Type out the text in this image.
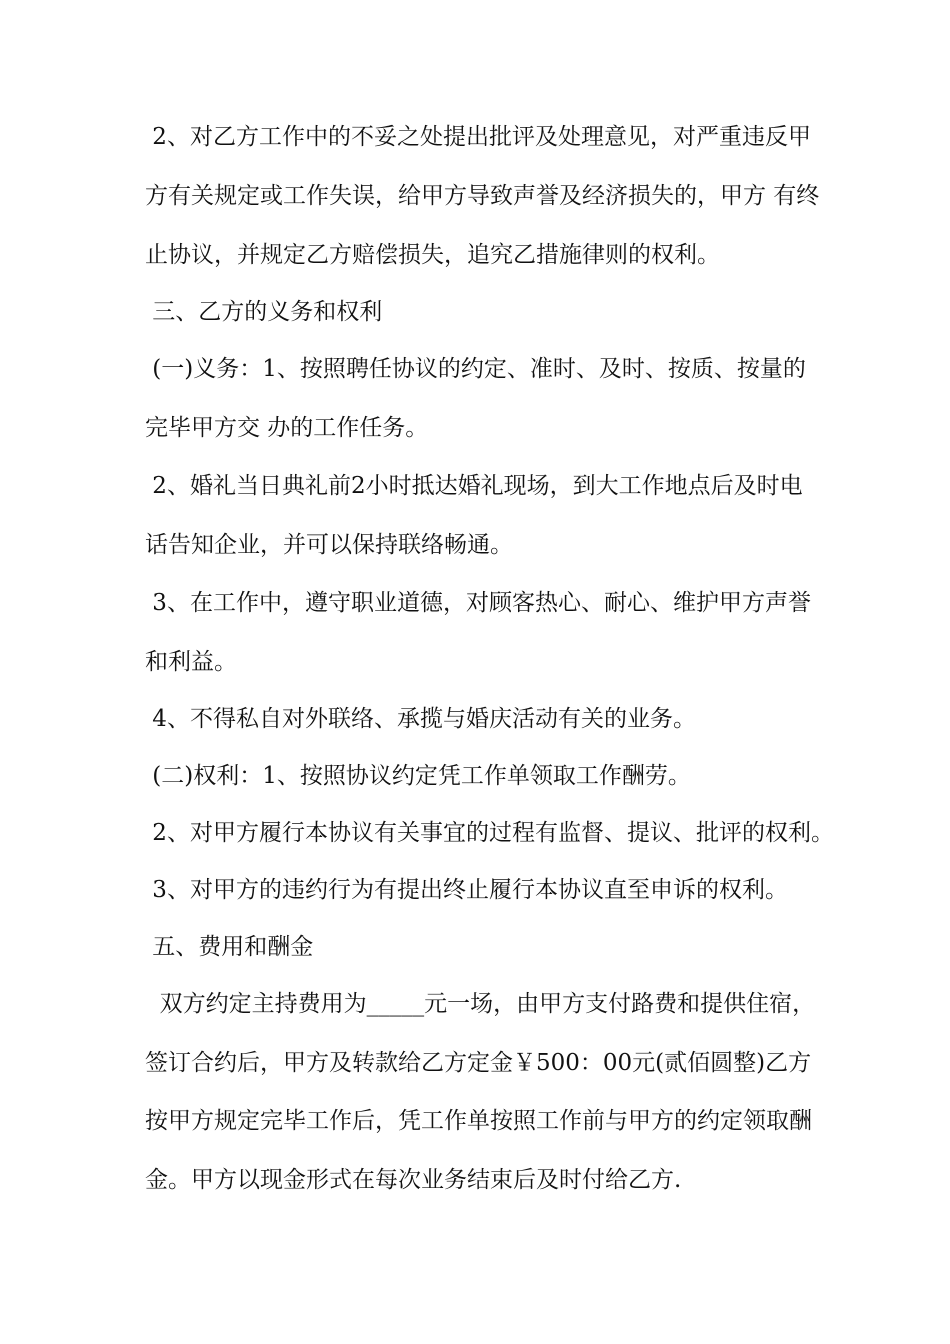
2、对乙方工作中的不妥之处提出批评及处理意见，对严重违反甲

方有关规定或工作失误，给甲方导致声誉及经济损失的，甲方 有终

止协议，并规定乙方赔偿损失，追究乙措施律则的权利。

三、乙方的义务和权利

(一)义务：1、按照聘任协议的约定、准时、及时、按质、按量的

完毕甲方交 办的工作任务。

2、婚礼当日典礼前2小时抵达婚礼现场，到大工作地点后及时电

话告知企业，并可以保持联络畅通。

3、在工作中，遵守职业道德，对顾客热心、耐心、维护甲方声誉

和利益。

4、不得私自对外联络、承揽与婚庆活动有关的业务。

(二)权利：1、按照协议约定凭工作单领取工作酬劳。

2、对甲方履行本协议有关事宜的过程有监督、提议、批评的权利。

3、对甲方的违约行为有提出终止履行本协议直至申诉的权利。

五、费用和酬金

双方约定主持费用为_____元一场，由甲方支付路费和提供住宿，

签订合约后，甲方及转款给乙方定金￥500：00元(贰佰圆整)乙方

按甲方规定完毕工作后，凭工作单按照工作前与甲方的约定领取酬

金。甲方以现金形式在每次业务结束后及时付给乙方.
